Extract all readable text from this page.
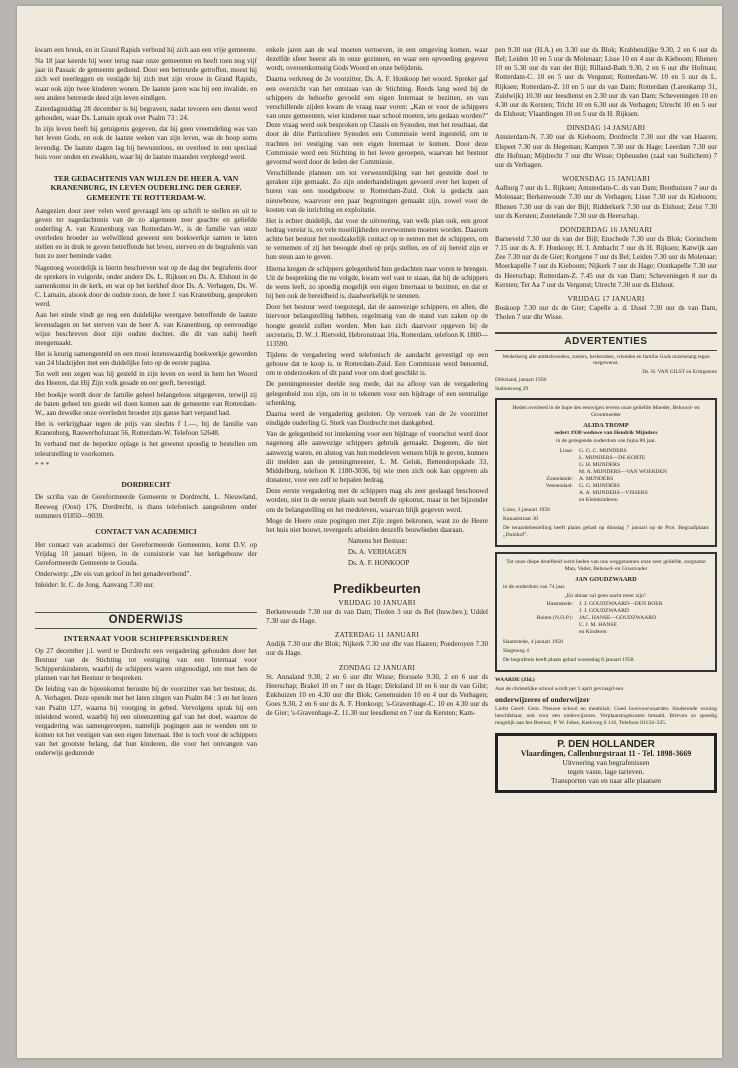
kwam een breuk, en in Grand Rapids verbond hij zich aan een vrije gemeente.

Na 18 jaar keerde hij weer terug naar onze gemeenten en heeft toen nog vijf jaar in Passaic de gemeente gediend. Door een betreurde getroffen, moest hij zich wel neerleggen en vestigde hij zich met zijn vrouw in Grand Rapids, waar ook zijn twee kinderen wonen. De laatste jaren was hij een invalide, en een andere betreurde deed zijn leven eindigen.

Zaterdagmiddag 28 december is hij begraven, nadat tevoren een dienst werd gehouden, waar Ds. Lamain sprak over Psalm 73 : 24.

In zijn leven heeft hij getuigenis gegeven, dat hij geen vreemdeling was van het leven Gods, en ook de laatste weken van zijn leven, was de hoop soms levendig. De laatste dagen lag hij bewusteloos, en overleed in een speciaal huis voor onden en zwakken, waar hij de laatste maanden verpleegd werd.

TER GEDACHTENIS VAN WIJLEN DE HEER A. VAN KRANENBURG, IN LEVEN OUDERLING DER GEREF. GEMEENTE TE ROTTERDAM-W.

Aangezien door zeer velen werd gevraagd iets op schrift te stellen en uit te geven ter nagedachtenis van de zo algemeen zeer geachte en geliefde ouderling A. van Kranenburg van Rotterdam-W., is de familie van onze overleden broeder zo welwillend geweest een boekwerkje samen te laten stellen en in druk te geven betreffende het leven, sterven en de begrafenis van hun zo zeer beminde vader.

Nagenoeg woordelijk is hierin beschreven wat op de dag der begrafenis door de sprekers in volgorde, onder andere Ds. L. Rijksen en Ds. A. Elshout in de samenkomst in de kerk, en wat op het kerkhof door Ds. A. Verhagen, Ds. W. C. Lamain, alsook door de oudste zoon, de heer J. van Kranenburg, gesproken werd.

Aan het einde vindt ge nog een duidelijke weergave betreffende de laatste levensdagen en het sterven van de heer A. van Kranenburg, op eenvoudige wijze beschreven door zijn oudste dochter, die dit van nabij heeft meegemaakt.

Het is keurig samengesteld en een mooi lezenswaardig boekwerkje geworden van 24 bladzijden met een duidelijke foto op de eerste pagina.

Tot welt een zegen was hij gesteld in zijn leven en werd in hem het Woord des Heeren, dat Hij Zijn volk gesade en eer geeft, bevestigd.

Het boekje wordt door de familie geheel belangeloos uitgegeven, terwijl zij de baten geheel ten goede wil doen komen aan de gemeente van Rotterdam-W., aan dewelke onze overleden broeder zijs ganse hart verpand had.

Het is verkrijgbaar tegen de prijs van slechts f 1.—, bij de familie van Kranenburg, Rauwerhofstraat 56, Rotterdam-W. Telefoon 52648.

In verband met de beperkte oplage is het gewenst spoedig te bestellen om teleurstelling te voorkomen.

* * *

DORDRECHT

De scriba van de Gereformeerde Gemeente te Dordrecht, L. Nieuwland, Reeweg (Oost) 176, Dordrecht, is thans telefonisch aangesloten onder nummers 01850—9039.

CONTACT VAN ACADEMICI

Het contact van academici der Gereformeerde Gemeenten, komt D.V. op Vrijdag 10 januari bijeen, in de consistorie van het kerkgebouw der Gereformeerde Gemeente te Gouda.

Onderwerp: „De eis van geloof in het genadeverbond".

Inleider: Ir. C. de Jong. Aanvang 7.30 uur.

ONDERWIJS
INTERNAAT VOOR SCHIPPERSKINDEREN

Op 27 december j.l. werd te Dordrecht een vergadering gehouden door het Bestuur van de Stichting tot vestiging van een Internaat voor Schipperskinderen, waarbij de schippers waren uitgenodigd, om met hen de plannen van het Bestuur te bespreken.

De leiding van de bijeenkomst berustte bij de voorzitter van het bestuur, ds. A. Verhagen. Deze opende met het laten zingen van Psalm 84 : 3 en het lezen van Psalm 127, waarna hij voorging in gebed. Vervolgens sprak hij een inleidend woord, waarbij hij een uiteenzetting gaf van het doel, waartoe de vergadering was samengeroepen, namelijk pogingen aan te wenden om te komen tot het vestigen van een eigen Internaat. Het is toch voor de schippers van het grootste belang, dat hun kinderen, die voor het ontvangen van onderwijs gedurende

enkele jaren aan de wal moeten vertoeven, in een omgeving komen, waar dezelfde sfeer heerst als in onze gezinnen, en waar een opvoeding gegeven wordt, overeenkomstig Gods Woord en onze belijdenis.

Daarna verkreeg de 2e voorzitter, Ds. A. F. Honkoop het woord. Spreker gaf een overzicht van het ontstaan van de Stichting. Reeds lang werd bij de schippers de behoefte gevoeld een eigen Internaat te bezitten, en van verschillende zijden kwam de vraag naar voren: „Kan er voor de schippers van onze gemeenten, wier kinderen naar school moeten, iets gedaan worden?" Deze vraag werd ook besproken op Classis en Synoden, met het resultaat, dat door de drie Particuliere Synoden een Commissie werd ingesteld, om te trachten tot vestiging van een eigen Internaat te komen. Door deze Commissie werd een Stichting in het leven geroepen, waarvan het bestuur gevormd werd door de leden der Commissie.

Verschillende plannen om tot verwezenlijking van het gestelde doel te geraken zijn gemaakt. Zo zijn onderhandelingen gevoerd over het kopen of huren van een noodgebouw te Rotterdam-Zuid. Ook is gedacht aan nieuwbouw, waarvoor een paar begrotingen gemaakt zijn, zowel voor de kosten van de inrichting en exploitatie.

Het is echter duidelijk, dat voor de uitvoering, van welk plan ook, een groot bedrag vereist is, en vele moeilijkheden overwonnen moeten worden. Daarom achtte het bestuur het noodzakelijk contact op te nemen met de schippers, om te vernemen of zij het beoogde doel op prijs stellen, en of zij bereid zijn er hun steun aan te geven.

Hierna kregen de schippers gelegenheid hun gedachten naar voren te brengen. Uit de bespreking die nu volgde, kwam wel vast te staan, dat bij de schippers de wens leeft, zo spoedig mogelijk een eigen Internaat te bezitten, en dat er bij hen ook de bereidheid is, daadwerkelijk te steunen.

Door het bestuur werd toegezegd, dat de aanwezige schippers, en allen, die hiervoor belangstelling hebben, regelmatig van de stand van zaken op de hoogte gesteld zullen worden. Men kan zich daarvoor opgeven bij de secretaris, D. W. J. Rietveld, Hebronstraat 10a, Rotterdam, telefoon K 1800—113590.

Tijdens de vergadering werd telefonisch de aandacht gevestigd op een gebouw dat te koop is, te Rotterdam-Zuid. Een Commissie werd benoemd, om te onderzoeken of dit pand voor ons doel geschikt is.

De penningmeester deelde nog mede, dat na afloop van de vergadering gelegenheid zou zijn, om in te tekenen voor een bijdrage of een eenmalige schenking.

Daarna werd de vergadering gesloten. Op verzoek van de 2e voorzitter eindigde ouderling G. Sterk van Dordrecht met dankgebed.

Van de gelegenheid tot intekening voor een bijdrage of voorschot werd door nagenoeg alle aanwezige schippers gebruik gemaakt. Degenen, die niet aanwezig waren, en alsnog van hun medeleven wensen blijk te geven, kunnen dit melden aan de penningmeester, L. M. Geluk, Bettendorpskade 33, Middelburg, telefoon K 1180-3036, bij wie men zich ook kan opgeven als donateur, voor een zelf te bepalen bedrag.

Deze eerste vergadering met de schippers mag als zeer geslaagd beschouwd worden, niet in de eerste plaats wat betreft de opkomst, maar in het bijzonder om de belangstelling en het medeleven, waarvan blijk gegeven werd.

Moge de Heere onze pogingen met Zijn zegen bekronen, want zo de Heere het huis niet bouwt, tevergeefs arbeiden deszelfs bouwlieden daaraan.

Namens het Bestuur:

Ds. A. VERHAGEN

Ds. A. F. HONKOOP

Predikbeurten
VRIJDAG 10 JANUARI

Berkenwoude 7.30 uur ds van Dam; Tholen 3 uur ds Bel (huw.bev.); Uddel 7.30 uur ds Hage.

ZATERDAG 11 JANUARI

Andijk 7.30 uur dhr Blok; Nijkerk 7.30 uur dhr van Haaren; Poederoyen 7.30 uur ds Hage.

ZONDAG 12 JANUARI

St. Annaland 9.30, 2 en 6 uur dhr Wisse; Borssele 9.30, 2 en 6 uur ds Heerschap; Brakel 10 en 7 uur ds Hage; Dirksland 10 en 6 uur ds van Gilst; Enkhuizen 10 en 4.30 uur dhr Blok; Genemuiden 10 en 4 uur ds Verhagen; Goes 9.30, 2 en 6 uur ds A. F. Honkoop; 's-Gravenhage-C. 10 en 4.30 uur ds de Gier; 's-Gravenhage-Z. 11.30 uur leesdienst en 7 uur ds Kersten; Kam-

pen 9.30 uur (H.A.) en 3.30 uur ds Blok; Krabbendijke 9.30, 2 en 6 uur ds Bel; Leiden 10 en 5 uur ds Molenaar; Lisse 10 en 4 uur ds Kieboom; Rhenen 10 en 5.30 uur ds van der Bijl; Rilland-Bath 9.30, 2 en 6 uur dhr Hofman; Rotterdam-C. 10 en 5 uur ds Vergunst; Rotterdam-W. 10 en 5 uur ds L. Rijksen; Rotterdam-Z. 10 en 5 uur ds van Dam; Rotterdam (Larenkamp 31, Zuidwijk) 10.30 uur leesdienst en 2.30 uur ds van Dam; Scheveningen 10 en 4.30 uur ds Kersten; Tricht 10 en 6.30 uur ds Verhagen; Utrecht 10 en 5 uur ds Elshout; Vlaardingen 10 en 5 uur ds H. Rijksen.

DINSDAG 14 JANUARI

Amsterdam-N. 7.30 uur ds Kieboom; Dordrecht 7.30 uur dhr van Haaren; Elspeet 7.30 uur ds Hegeman; Kampen 7.30 uur ds Hage; Leerdam 7.30 uur dhr Hofman; Mijdrecht 7 uur dhr Wisse; Opheusden (zaal van Suilichem) 7 uur ds Verhagen.

WOENSDAG 15 JANUARI

Aalburg 7 uur ds L. Rijksen; Amsterdam-C. ds van Dam; Benthuizen 7 uur ds Molenaar; Berkenwoude 7.30 uur ds Verhagen; Lisse 7.30 uur ds Kieboom; Rhenen 7.30 uur ds van der Bijl; Ridderkerk 7.30 uur ds Elshout; Zeist 7.30 uur ds Kersten; Zoutelande 7.30 uur ds Heerschap.

DONDERDAG 16 JANUARI

Barneveld 7.30 uur ds van der Bijl; Enschede 7.30 uur ds Blok; Gorinchem 7.15 uur ds A. F. Honkoop; H. I. Ambacht 7 uur ds H. Rijksen; Katwijk aan Zee 7.30 uur ds de Gier; Kortgene 7 uur ds Bel; Leiden 7.30 uur ds Molenaar; Moerkapelle 7 uur ds Kieboom; Nijkerk 7 uur ds Hage; Oostkapelle 7.30 uur ds Heerschap; Rotterdam-Z. 7.45 uur ds van Dam; Scheveningen 8 uur ds Kersten; Ter Aa 7 uur ds Vergunst; Utrecht 7.30 uur ds Elshout.

VRIJDAG 17 JANUARI

Boskoop 7.30 uur ds de Gier; Capelle a. d. IJssel 7.30 uur ds van Dam, Tholen 7 uur dhr Wisse.

ADVERTENTIES

Wederkerig alle ambtsbroeders, zusters, kerkeraden, vrienden en familie Gods onzenslang tegen toegewenst.

Ds. H. VAN GILST en Echtgenote

Dirksland, januari 1958

Stationsweg 29

Heden overleed in de hope des eeuwigen levens onze geliefde Moeder, Behuwd- en Grootmoeder

ALIDA TROMP

sedert 1930 weduwe van Hendrik Mijnders

in de gezegende ouderdom van bijna 80 jaar.

Lisse:	G. G. C. MIJNDERS
L. MIJNDERS—DE KORTE
G. H. MIJNDERS
M. A. MIJNDERS—VAN WOERDEN
Zoutelande:	A. MIJNDERS
Veenendaal:	G. G. MIJNDERS
A. A. MIJNDERS—VISSERS
en Kleinkinderen

Lisse, 3 januari 1958

Kanaalstraat 30

De teraardebestelling heeft plaats gehad op dinsdag 7 januari op de Prot. Begraafplaats „Duinhof".

Tot onze diepe droefheid werd heden van ons weggenomen onze zeer geliefde, zorgzame Man, Vader, Behuwd- en Grootvader

JAN GOUDZWAARD

in de ouderdom van 74 jaar.

„En ablaar zal geen nacht meer zijn".

Haamstede:	J. J. GOUDZWAARD—DEN BOER
J. J. GOUDZWAARD
Ruiten (N.O.P.):	JAC. HANSE—GOUDZWAARD
C. J. M. HANSE
en Kinderen

Haamstede, 4 januari 1958

Slegeweg 4

De begrafenis heeft plaats gehad woensdag 8 januari 1958.

WAARDE (Zld.)

Aan de christelijke school wordt per 1 april gevraagd een

onderwijzeres of onderwijzer

Liefst Geref. Gem. Nieuwe school en meubilair. Goed loonvoorwaarden. Studerende woning beschikbaar, ook voor een onderwijzeres. Verplaatsingskosten betaald. Brieven zo spoedig mogelijk aan het Bestuur, P. W. Jobse, Kerkweg S 116, Telefoon 01134–325.

P. DEN HOLLANDER
Vlaardingen, Callenburgstraat 11 - Tel. 1898-3669
Uitvoering van begrafenissen
tegen vaste, lage tarieven.
Transporten van en naar alle plaatsen
